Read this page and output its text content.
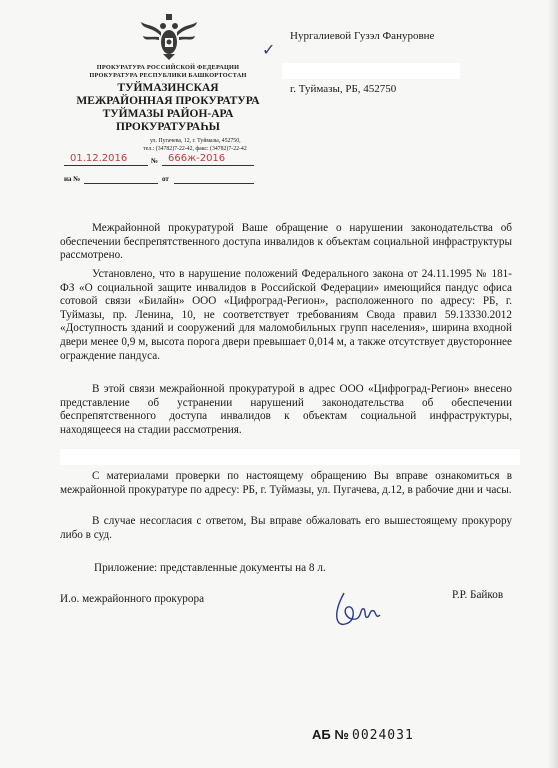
ПРОКУРАТУРА РОССИЙСКОЙ ФЕДЕРАЦИИ

ПРОКУРАТУРА РЕСПУБЛИКИ БАШКОРТОСТАН

ТУЙМАЗИНСКАЯ

МЕЖРАЙОННАЯ ПРОКУРАТУРА

ТУЙМАЗЫ РАЙОН-АРА

ПРОКУРАТУРАҺЫ

ул. Пугачева, 12, г. Туймазы, 452750,

тел.: (34782)7-22-42, факс: (34782)7-22-42

01.12.2016	№ 666ж-2016
на №	от
✓
Нургалиевой Гузэл Фануровне
г. Туймазы, РБ, 452750

Межрайонной прокуратурой Ваше обращение о нарушении законодательства об обеспечении беспрепятственного доступа инвалидов к объектам социальной инфраструктуры рассмотрено.

Установлено, что в нарушение положений Федерального закона от 24.11.1995 № 181-ФЗ «О социальной защите инвалидов в Российской Федерации» имеющийся пандус офиса сотовой связи «Билайн» ООО «Цифроград-Регион», расположенного по адресу: РБ, г. Туймазы, пр. Ленина, 10, не соответствует требованиям Свода правил 59.13330.2012 «Доступность зданий и сооружений для маломобильных групп населения», ширина входной двери менее 0,9 м, высота порога двери превышает 0,014 м, а также отсутствует двустороннее ограждение пандуса.

В этой связи межрайонной прокуратурой в адрес ООО «Цифроград-Регион» внесено представление об устранении нарушений законодательства об обеспечении беспрепятственного доступа инвалидов к объектам социальной инфраструктуры, находящееся на стадии рассмотрения.

С материалами проверки по настоящему обращению Вы вправе ознакомиться в межрайонной прокуратуре по адресу: РБ, г. Туймазы, ул. Пугачева, д.12, в рабочие дни и часы.

В случае несогласия с ответом, Вы вправе обжаловать его вышестоящему прокурору либо в суд.

Приложение: представленные документы на 8 л.

И.о. межрайонного прокурора	Р.Р. Байков

0024031
АБ №
